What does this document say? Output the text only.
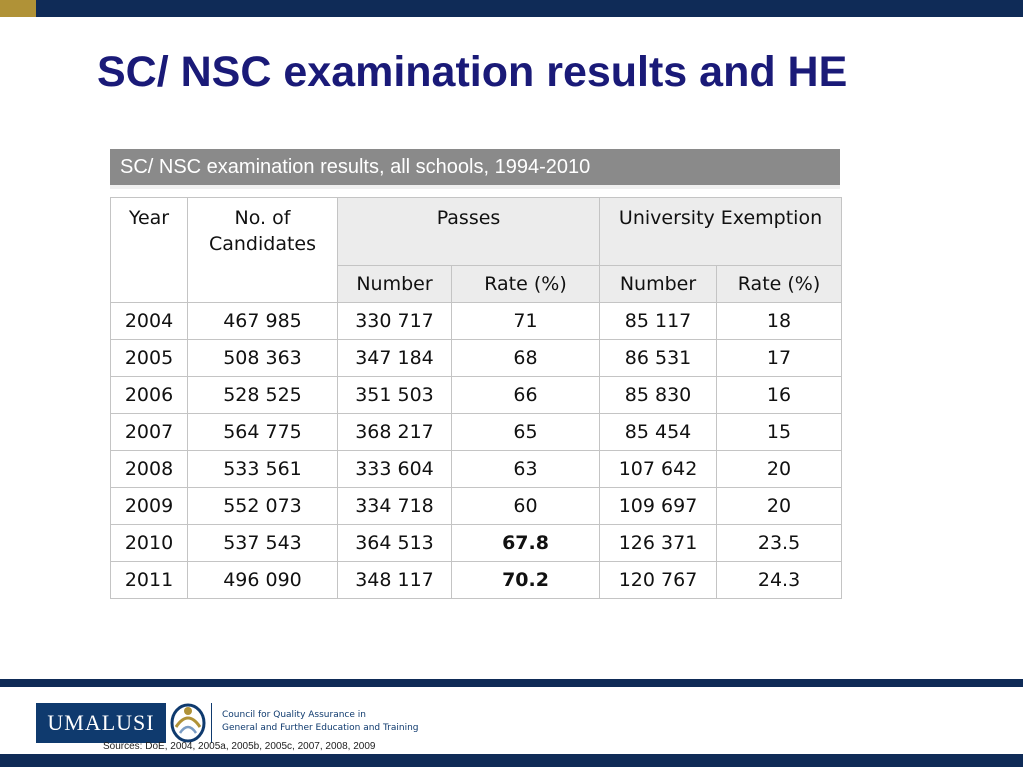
SC/ NSC examination results and HE
SC/ NSC examination results, all schools, 1994-2010
Year	No. of Candidates	Passes		University Exemption	
		Number	Rate (%)	Number	Rate (%)
2004	467 985	330 717	71	85 117	18
2005	508 363	347 184	68	86 531	17
2006	528 525	351 503	66	85 830	16
2007	564 775	368 217	65	85 454	15
2008	533 561	333 604	63	107 642	20
2009	552 073	334 718	60	109 697	20
2010	537 543	364 513	67.8	126 371	23.5
2011	496 090	348 117	70.2	120 767	24.3
UMALUSI	Council for Quality Assurance in
General and Further Education and Training
Sources: DoE, 2004, 2005a, 2005b, 2005c, 2007, 2008, 2009
